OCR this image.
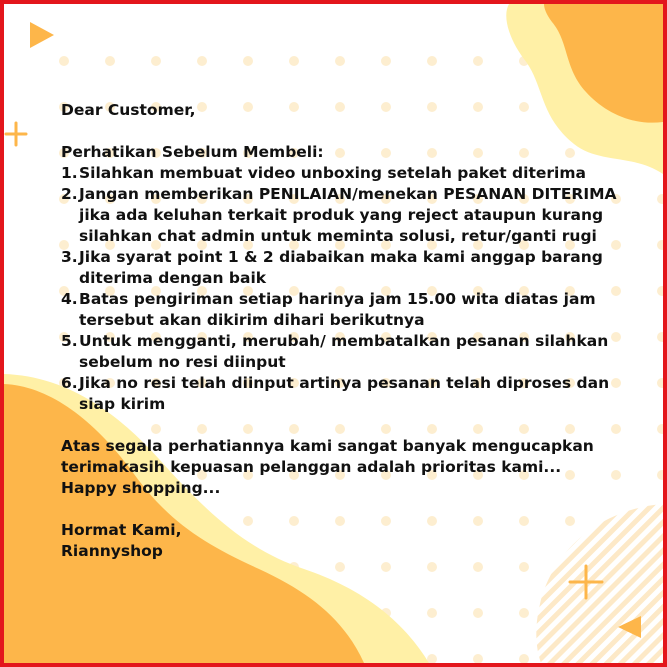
Dear Customer,

Perhatikan Sebelum Membeli:

1. Silahkan membuat video unboxing setelah paket diterima
2. Jangan memberikan PENILAIAN/menekan PESANAN DITERIMA jika ada keluhan terkait produk yang reject ataupun kurang silahkan chat admin untuk meminta solusi, retur/ganti rugi
3. Jika syarat point 1 & 2 diabaikan maka kami anggap barang diterima dengan baik
4. Batas pengiriman setiap harinya jam 15.00 wita diatas jam tersebut akan dikirim dihari berikutnya
5. Untuk mengganti, merubah/ membatalkan pesanan silahkan sebelum no resi diinput
6. Jika no resi telah diinput artinya pesanan telah diproses dan siap kirim

Atas segala perhatiannya kami sangat banyak mengucapkan

terimakasih kepuasan pelanggan adalah prioritas kami...

Happy shopping...

Hormat Kami,

Riannyshop
